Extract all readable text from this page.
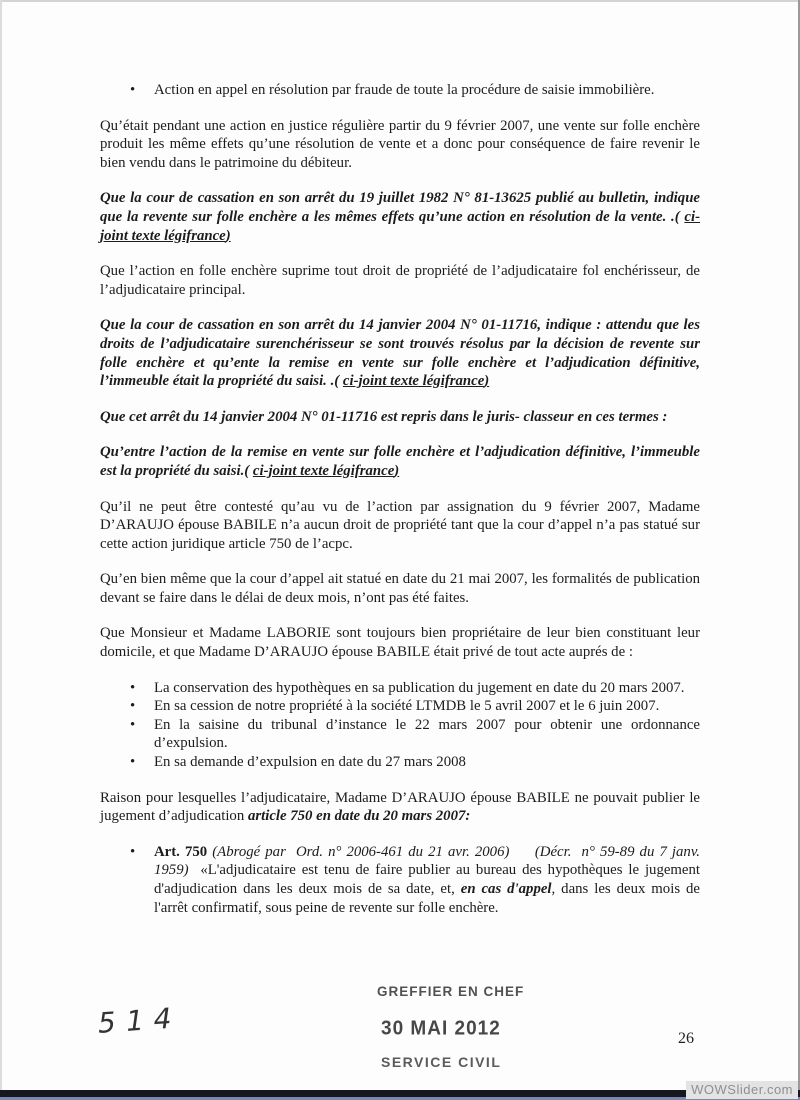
• Action en appel en résolution par fraude de toute la procédure de saisie immobilière.

Qu’était pendant une action en justice régulière partir du 9 février 2007, une vente sur folle enchère produit les même effets qu’une résolution de vente et a donc pour conséquence de faire revenir le bien vendu dans le patrimoine du débiteur.

Que la cour de cassation en son arrêt du 19 juillet 1982 N° 81-13625 publié au bulletin, indique que la revente sur folle enchère a les mêmes effets qu’une action en résolution de la vente. .( ci-joint texte légifrance)

Que l’action en folle enchère suprime tout droit de propriété de l’adjudicataire fol enchérisseur, de l’adjudicataire principal.

Que la cour de cassation en son arrêt du 14 janvier 2004 N° 01-11716, indique : attendu que les droits de l’adjudicataire surenchérisseur se sont trouvés résolus par la décision de revente sur folle enchère et qu’ente la remise en vente sur folle enchère et l’adjudication définitive, l’immeuble était la propriété du saisi. .( ci-joint texte légifrance)

Que cet arrêt du 14 janvier 2004 N° 01-11716 est repris dans le juris- classeur en ces termes :

Qu’entre l’action de la remise en vente sur folle enchère et l’adjudication définitive, l’immeuble est la propriété du saisi.( ci-joint texte légifrance)

Qu’il ne peut être contesté qu’au vu de l’action par assignation du 9 février 2007, Madame D’ARAUJO épouse BABILE n’a aucun droit de propriété tant que la cour d’appel n’a pas statué sur cette action juridique article 750 de l’acpc.

Qu’en bien même que la cour d’appel ait statué en date du 21 mai 2007, les formalités de publication devant se faire dans le délai de deux mois, n’ont pas été faites.

Que Monsieur et Madame LABORIE sont toujours bien propriétaire de leur bien constituant leur domicile, et que Madame D’ARAUJO épouse BABILE était privé de tout acte auprés de :

• La conservation des hypothèques en sa publication du jugement en date du 20 mars 2007.
• En sa cession de notre propriété à la société LTMDB le 5 avril 2007 et le 6 juin 2007.
• En la saisine du tribunal d’instance le 22 mars 2007 pour obtenir une ordonnance d’expulsion.
• En sa demande d’expulsion en date du 27 mars 2008

Raison pour lesquelles l’adjudicataire, Madame D’ARAUJO épouse BABILE ne pouvait publier le jugement d’adjudication article 750 en date du 20 mars 2007:

• Art. 750 (Abrogé par  Ord. n° 2006-461 du 21 avr. 2006)     (Décr.  n° 59-89 du 7 janv. 1959)  «L'adjudicataire est tenu de faire publier au bureau des hypothèques le jugement d'adjudication dans les deux mois de sa date, et, en cas d'appel, dans les deux mois de l'arrêt confirmatif, sous peine de revente sur folle enchère.
GREFFIER EN CHEF
514	30 MAI 2012	26
SERVICE CIVIL
WOWSlider.com
